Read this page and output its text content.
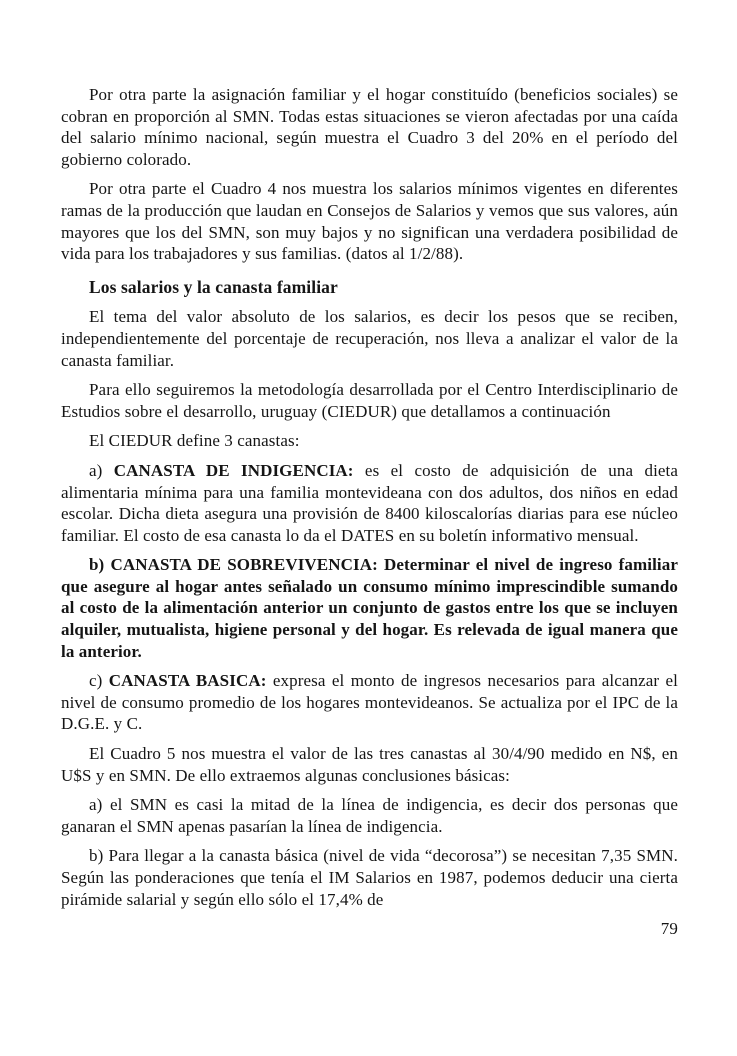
Por otra parte la asignación familiar y el hogar constituído (beneficios sociales) se cobran en proporción al SMN. Todas estas situaciones se vieron afectadas por una caída del salario mínimo nacional, según muestra el Cuadro 3 del 20% en el período del gobierno colorado.

Por otra parte el Cuadro 4 nos muestra los salarios mínimos vigentes en diferentes ramas de la producción que laudan en Consejos de Salarios y vemos que sus valores, aún mayores que los del SMN, son muy bajos y no significan una verdadera posibilidad de vida para los trabajadores y sus familias. (datos al 1/2/88).

Los salarios y la canasta familiar

El tema del valor absoluto de los salarios, es decir los pesos que se reciben, independientemente del porcentaje de recuperación, nos lleva a analizar el valor de la canasta familiar.

Para ello seguiremos la metodología desarrollada por el Centro Interdisciplinario de Estudios sobre el desarrollo, uruguay (CIEDUR) que detallamos a continuación

El CIEDUR define 3 canastas:

a) CANASTA DE INDIGENCIA: es el costo de adquisición de una dieta alimentaria mínima para una familia montevideana con dos adultos, dos niños en edad escolar. Dicha dieta asegura una provisión de 8400 kiloscalorías diarias para ese núcleo familiar. El costo de esa canasta lo da el DATES en su boletín informativo mensual.

b) CANASTA DE SOBREVIVENCIA: Determinar el nivel de ingreso familiar que asegure al hogar antes señalado un consumo mínimo imprescindible sumando al costo de la alimentación anterior un conjunto de gastos entre los que se incluyen alquiler, mutualista, higiene personal y del hogar. Es relevada de igual manera que la anterior.

c) CANASTA BASICA: expresa el monto de ingresos necesarios para alcanzar el nivel de consumo promedio de los hogares montevideanos. Se actualiza por el IPC de la D.G.E. y C.

El Cuadro 5 nos muestra el valor de las tres canastas al 30/4/90 medido en N$, en U$S y en SMN. De ello extraemos algunas conclusiones básicas:

a) el SMN es casi la mitad de la línea de indigencia, es decir dos personas que ganaran el SMN apenas pasarían la línea de indigencia.

b) Para llegar a la canasta básica (nivel de vida “decorosa”) se necesitan 7,35 SMN. Según las ponderaciones que tenía el IM Salarios en 1987, podemos deducir una cierta pirámide salarial y según ello sólo el 17,4% de

79
